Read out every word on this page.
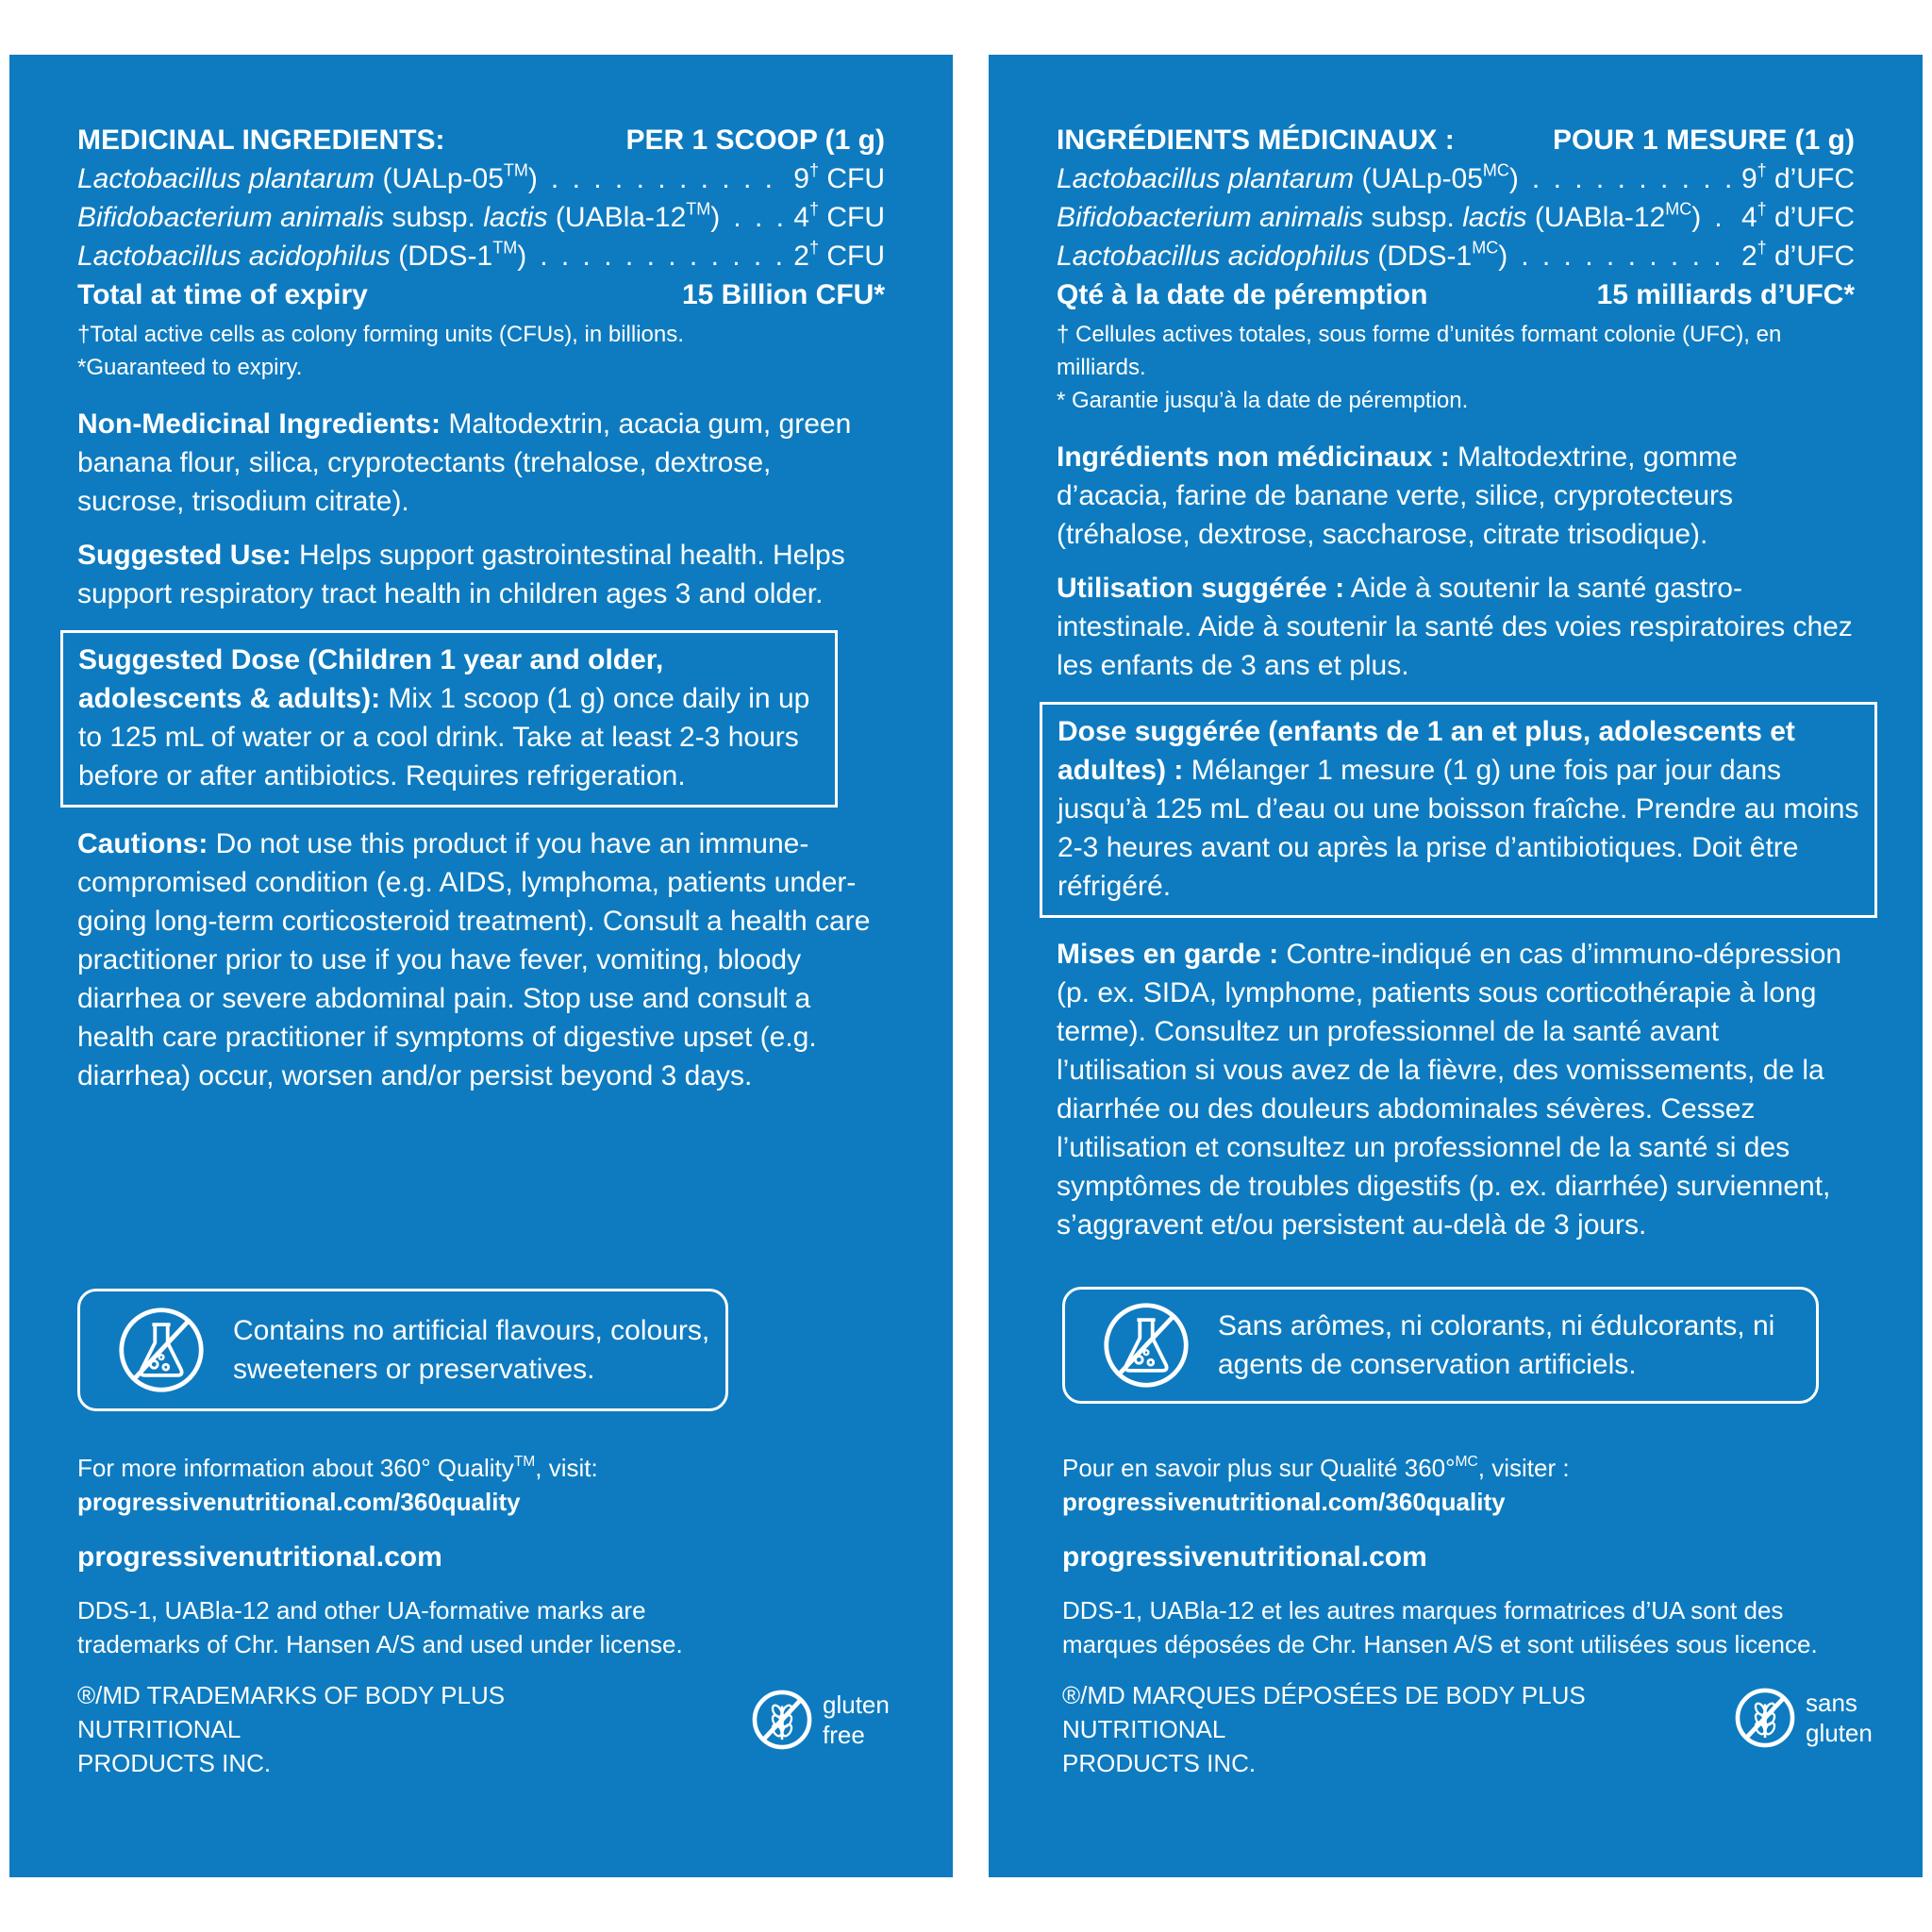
MEDICINAL INGREDIENTS:	PER 1 SCOOP (1 g)
Lactobacillus plantarum (UALp-05™) . . .	9† CFU
Bifidobacterium animalis subsp. lactis (UABla-12™) . . .	4† CFU
Lactobacillus acidophilus (DDS-1™) . . .	2† CFU
Total at time of expiry	15 Billion CFU*
†Total active cells as colony forming units (CFUs), in billions.
*Guaranteed to expiry.
Non-Medicinal Ingredients: Maltodextrin, acacia gum, green banana flour, silica, cryprotectants (trehalose, dextrose, sucrose, trisodium citrate).
Suggested Use: Helps support gastrointestinal health. Helps support respiratory tract health in children ages 3 and older.
Suggested Dose (Children 1 year and older, adolescents & adults): Mix 1 scoop (1 g) once daily in up to 125 mL of water or a cool drink. Take at least 2-3 hours before or after antibiotics. Requires refrigeration.
Cautions: Do not use this product if you have an immune-compromised condition (e.g. AIDS, lymphoma, patients under-going long-term corticosteroid treatment). Consult a health care practitioner prior to use if you have fever, vomiting, bloody diarrhea or severe abdominal pain. Stop use and consult a health care practitioner if symptoms of digestive upset (e.g. diarrhea) occur, worsen and/or persist beyond 3 days.
Contains no artificial flavours, colours,
sweeteners or preservatives.
For more information about 360° Quality™, visit:
progressivenutritional.com/360quality
progressivenutritional.com
DDS-1, UABla-12 and other UA-formative marks are
trademarks of Chr. Hansen A/S and used under license.
®/MD TRADEMARKS OF BODY PLUS NUTRITIONAL
PRODUCTS INC.
gluten
free
INGRÉDIENTS MÉDICINAUX :	POUR 1 MESURE (1 g)
Lactobacillus plantarum $(UALp-05^{MC})$ . . .	9† d’UFC
Bifidobacterium animalis subsp. lactis $(UABla-12^{MC})$ . . . 4† d’UFC
Lactobacillus acidophilus $(DDS-1^{MC})$ . . .	2† d’UFC
Qté à la date de péremption	15 milliards d’UFC*
† Cellules actives totales, sous forme d’unités formant colonie (UFC), en milliards.
* Garantie jusqu’à la date de péremption.
Ingrédients non médicinaux : Maltodextrine, gomme d’acacia, farine de banane verte, silice, cryprotecteurs (tréhalose, dextrose, saccharose, citrate trisodique).
Utilisation suggérée : Aide à soutenir la santé gastro-intestinale. Aide à soutenir la santé des voies respiratoires chez les enfants de 3 ans et plus.
Dose suggérée (enfants de 1 an et plus, adolescents et adultes) : Mélanger 1 mesure (1 g) une fois par jour dans jusqu’à 125 mL d’eau ou une boisson fraîche. Prendre au moins 2-3 heures avant ou après la prise d’antibiotiques. Doit être réfrigéré.
Mises en garde : Contre-indiqué en cas d’immuno-dépression (p. ex. SIDA, lymphome, patients sous corticothérapie à long terme). Consultez un professionnel de la santé avant l’utilisation si vous avez de la fièvre, des vomissements, de la diarrhée ou des douleurs abdominales sévères. Cessez l’utilisation et consultez un professionnel de la santé si des symptômes de troubles digestifs (p. ex. diarrhée) surviennent, s’aggravent et/ou persistent au-delà de 3 jours.
Sans arômes, ni colorants, ni édulcorants, ni
agents de conservation artificiels.
Pour en savoir plus sur Qualité 360°$^{MC}$, visiter :
progressivenutritional.com/360quality
progressivenutritional.com
DDS-1, UABla-12 et les autres marques formatrices d’UA sont des
marques déposées de Chr. Hansen A/S et sont utilisées sous licence.
®/MD MARQUES DÉPOSÉES DE BODY PLUS NUTRITIONAL
PRODUCTS INC.
sans
gluten
